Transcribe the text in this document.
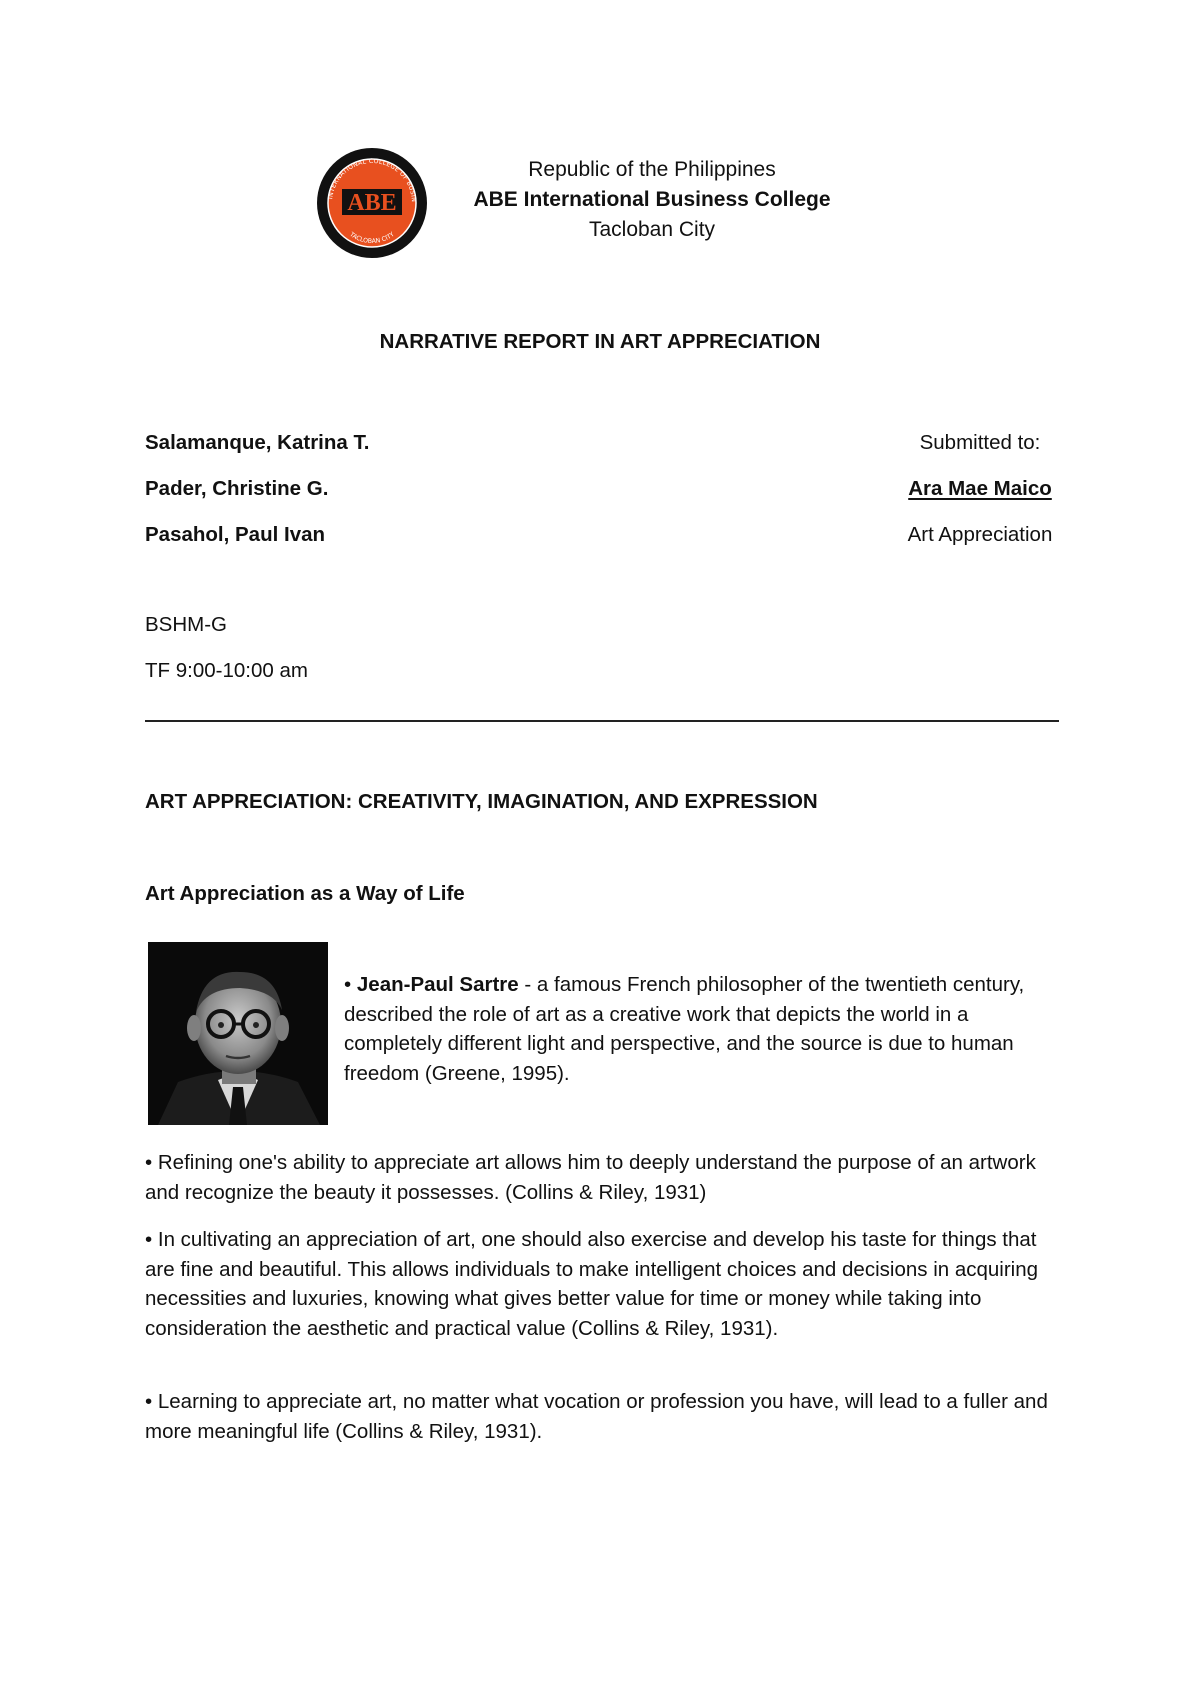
INTERNATIONAL COLLEGE OF BUSIN
TACLOBAN CITY
ABE
Republic of the Philippines
ABE International Business College
Tacloban City
NARRATIVE REPORT IN ART APPRECIATION
Salamanque, Katrina T.
Pader, Christine G.
Pasahol, Paul Ivan
Submitted to:
Ara Mae Maico
Art Appreciation
BSHM-G
TF 9:00-10:00 am
ART APPRECIATION: CREATIVITY, IMAGINATION, AND EXPRESSION
Art Appreciation as a Way of Life
• Jean-Paul Sartre - a famous French philosopher of the twentieth century, described the role of art as a creative work that depicts the world in a completely different light and perspective, and the source is due to human freedom (Greene, 1995).
• Refining one's ability to appreciate art allows him to deeply understand the purpose of an artwork and recognize the beauty it possesses. (Collins & Riley, 1931)
• In cultivating an appreciation of art, one should also exercise and develop his taste for things that are fine and beautiful. This allows individuals to make intelligent choices and decisions in acquiring necessities and luxuries, knowing what gives better value for time or money while taking into consideration the aesthetic and practical value (Collins & Riley, 1931).
• Learning to appreciate art, no matter what vocation or profession you have, will lead to a fuller and more meaningful life (Collins & Riley, 1931).
